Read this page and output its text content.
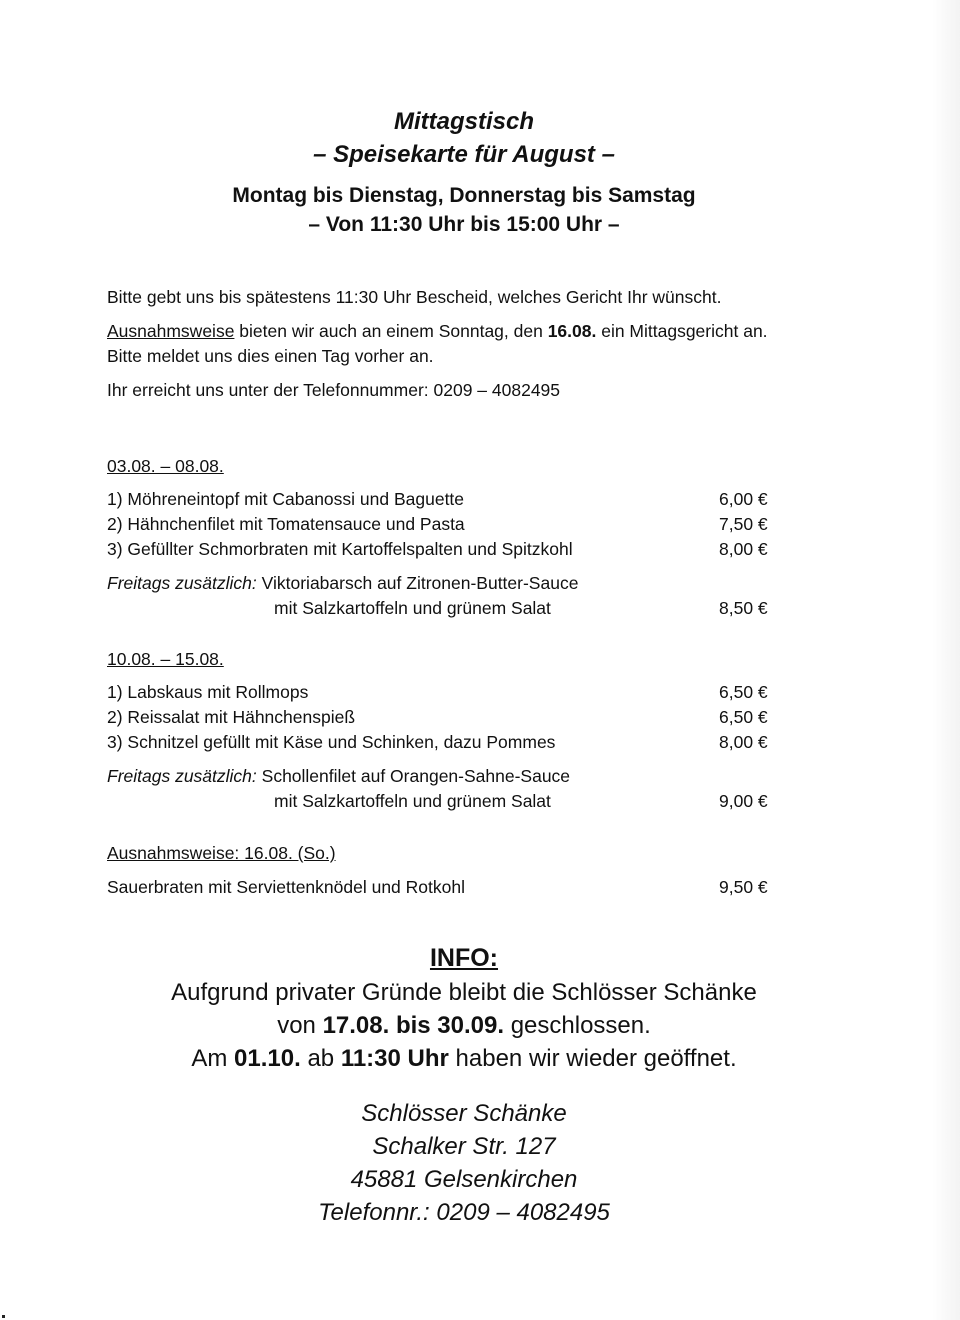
Mittagstisch
– Speisekarte für August –
Montag bis Dienstag, Donnerstag bis Samstag
– Von 11:30 Uhr bis 15:00 Uhr –
Bitte gebt uns bis spätestens 11:30 Uhr Bescheid, welches Gericht Ihr wünscht.
Ausnahmsweise bieten wir auch an einem Sonntag, den 16.08. ein Mittagsgericht an.
Bitte meldet uns dies einen Tag vorher an.
Ihr erreicht uns unter der Telefonnummer: 0209 – 4082495
03.08. – 08.08.
1) Möhreneintopf mit Cabanossi und Baguette	6,00 €
2) Hähnchenfilet mit Tomatensauce und Pasta	7,50 €
3) Gefüllter Schmorbraten mit Kartoffelspalten und Spitzkohl	8,00 €
Freitags zusätzlich: Viktoriabarsch auf Zitronen-Butter-Sauce
mit Salzkartoffeln und grünem Salat	8,50 €
10.08. – 15.08.
1) Labskaus mit Rollmops	6,50 €
2) Reissalat mit Hähnchenspieß	6,50 €
3) Schnitzel gefüllt mit Käse und Schinken, dazu Pommes	8,00 €
Freitags zusätzlich: Schollenfilet auf Orangen-Sahne-Sauce
mit Salzkartoffeln und grünem Salat	9,00 €
Ausnahmsweise: 16.08. (So.)
Sauerbraten mit Serviettenknödel und Rotkohl	9,50 €
INFO:
Aufgrund privater Gründe bleibt die Schlösser Schänke
von 17.08. bis 30.09. geschlossen.
Am 01.10. ab 11:30 Uhr haben wir wieder geöffnet.
Schlösser Schänke
Schalker Str. 127
45881 Gelsenkirchen
Telefonnr.: 0209 – 4082495
